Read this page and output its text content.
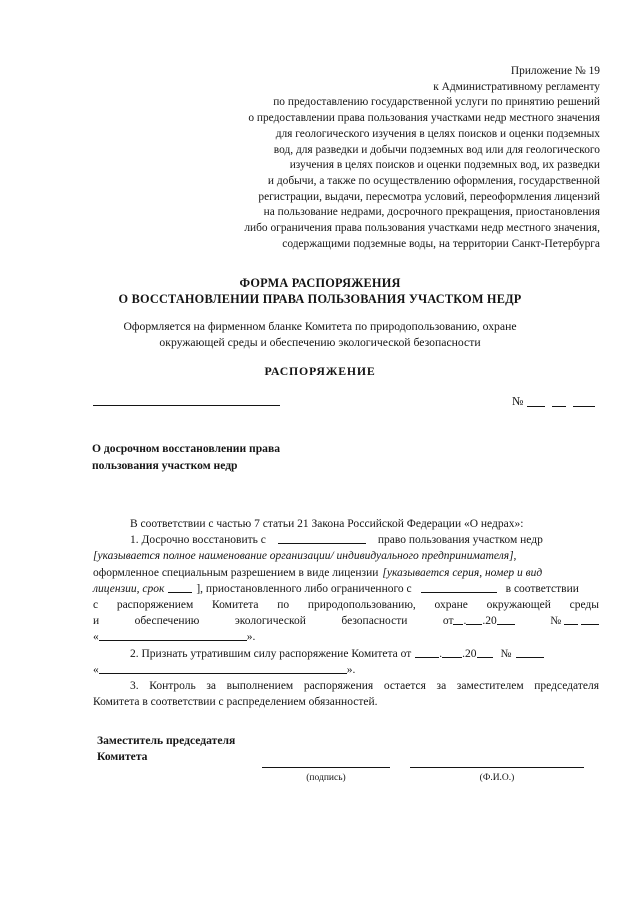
Приложение № 19
к Административному регламенту
по предоставлению государственной услуги по принятию решений
о предоставлении права пользования участками недр местного значения
для геологического изучения в целях поисков и оценки подземных
вод, для разведки и добычи подземных вод или для геологического
изучения в целях поисков и оценки подземных вод, их разведки
и добычи, а также по осуществлению оформления, государственной
регистрации, выдачи, пересмотра условий, переоформления лицензий
на пользование недрами, досрочного прекращения, приостановления
либо ограничения права пользования участками недр местного значения,
содержащими подземные воды, на территории Санкт-Петербурга
ФОРМА РАСПОРЯЖЕНИЯ
О ВОССТАНОВЛЕНИИ ПРАВА ПОЛЬЗОВАНИЯ УЧАСТКОМ НЕДР
Оформляется на фирменном бланке Комитета по природопользованию, охране
окружающей среды и обеспечению экологической безопасности
РАСПОРЯЖЕНИЕ
№
О досрочном восстановлении права
пользования участком недр
В соответствии с частью 7 статьи 21 Закона Российской Федерации «О недрах»:
1. Досрочно восстановить с	право пользования участком недр
[указывается полное наименование организации/ индивидуального предпринимателя],
оформленное специальным разрешением в виде лицензии [указывается серия, номер и вид
лицензии, срок	], приостановленного либо ограниченного с	в соответствии
с распоряжением Комитета по природопользованию, охране окружающей среды
и	обеспечению	экологической	безопасности	от . .20	№
«	».
2. Признать утратившим силу распоряжение Комитета от	. .20	№
«	».
3. Контроль за выполнением распоряжения остается за заместителем председателя
Комитета в соответствии с распределением обязанностей.
Заместитель председателя
Комитета
(подпись)	(Ф.И.О.)
